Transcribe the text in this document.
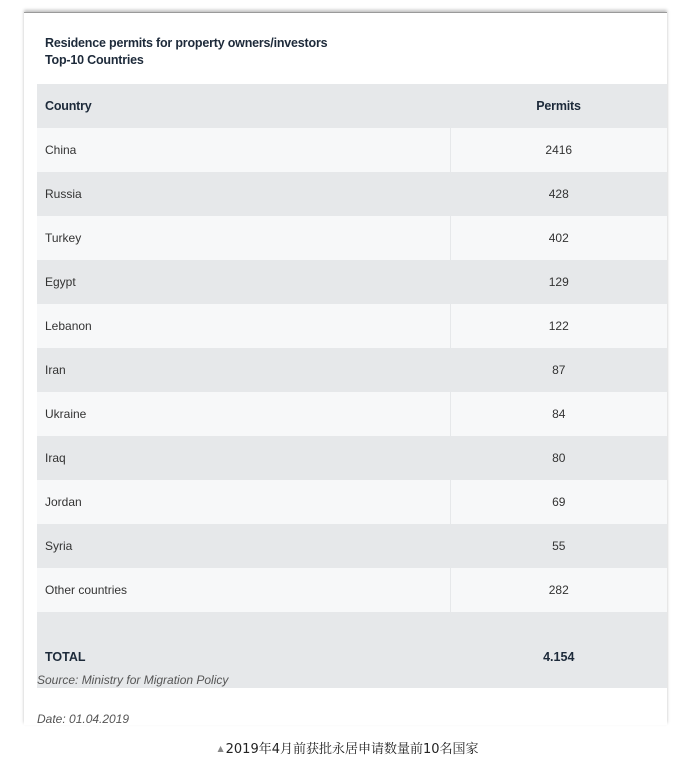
Residence permits for property owners/investors
Top-10 Countries
Country	Permits
China	2416
Russia	428
Turkey	402
Egypt	129
Lebanon	122
Iran	87
Ukraine	84
Iraq	80
Jordan	69
Syria	55
Other countries	282
TOTAL	4.154
Source: Ministry for Migration Policy
Date: 01.04.2019
▲ 2019年4月前获批永居申请数量前10名国家
